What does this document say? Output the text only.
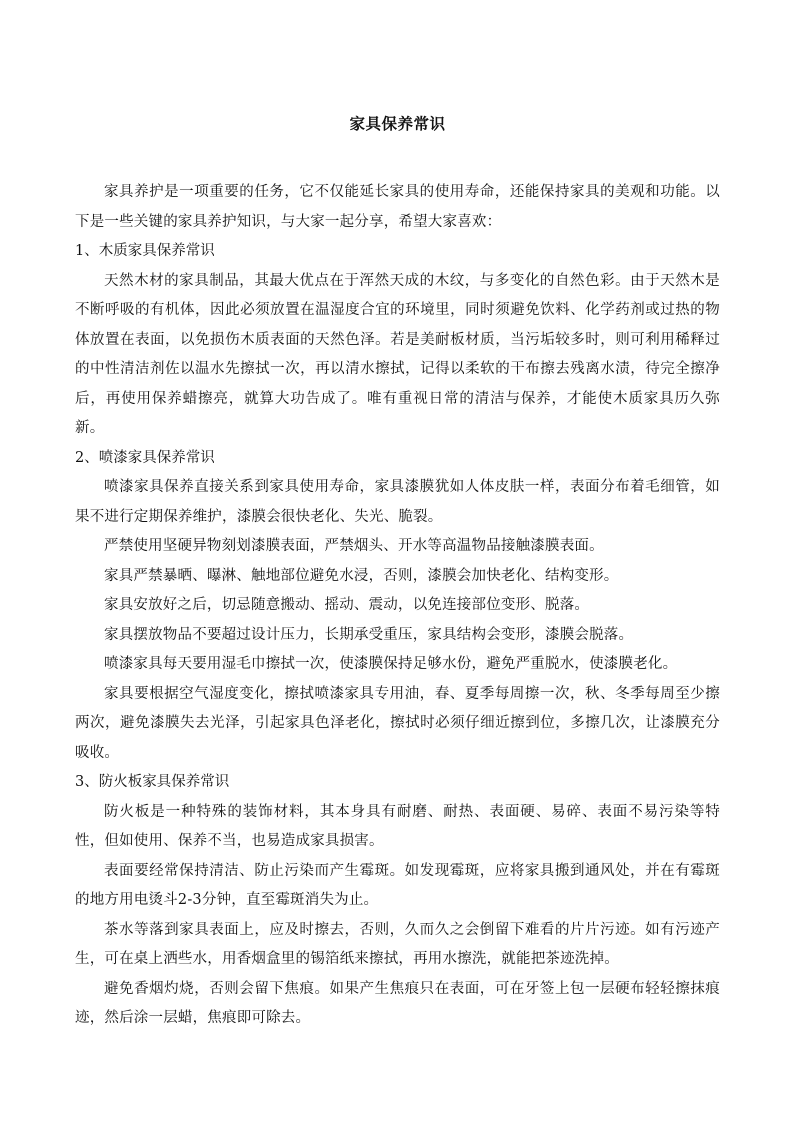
家具保养常识

家具养护是一项重要的任务，它不仅能延长家具的使用寿命，还能保持家具的美观和功能。以下是一些关键的家具养护知识，与大家一起分享，希望大家喜欢：

1、木质家具保养常识

天然木材的家具制品，其最大优点在于浑然天成的木纹，与多变化的自然色彩。由于天然木是不断呼吸的有机体，因此必须放置在温湿度合宜的环境里，同时须避免饮料、化学药剂或过热的物体放置在表面，以免损伤木质表面的天然色泽。若是美耐板材质，当污垢较多时，则可利用稀释过的中性清洁剂佐以温水先擦拭一次，再以清水擦拭，记得以柔软的干布擦去残离水渍，待完全擦净后，再使用保养蜡擦亮，就算大功告成了。唯有重视日常的清洁与保养，才能使木质家具历久弥新。

2、喷漆家具保养常识

喷漆家具保养直接关系到家具使用寿命，家具漆膜犹如人体皮肤一样，表面分布着毛细管，如果不进行定期保养维护，漆膜会很快老化、失光、脆裂。

严禁使用坚硬异物刻划漆膜表面，严禁烟头、开水等高温物品接触漆膜表面。

家具严禁暴晒、曝淋、触地部位避免水浸，否则，漆膜会加快老化、结构变形。

家具安放好之后，切忌随意搬动、摇动、震动，以免连接部位变形、脱落。

家具摆放物品不要超过设计压力，长期承受重压，家具结构会变形，漆膜会脱落。

喷漆家具每天要用湿毛巾擦拭一次，使漆膜保持足够水份，避免严重脱水，使漆膜老化。

家具要根据空气湿度变化，擦拭喷漆家具专用油，春、夏季每周擦一次，秋、冬季每周至少擦两次，避免漆膜失去光泽，引起家具色泽老化，擦拭时必须仔细近擦到位，多擦几次，让漆膜充分吸收。

3、防火板家具保养常识

防火板是一种特殊的装饰材料，其本身具有耐磨、耐热、表面硬、易碎、表面不易污染等特性，但如使用、保养不当，也易造成家具损害。

表面要经常保持清洁、防止污染而产生霉斑。如发现霉斑，应将家具搬到通风处，并在有霉斑的地方用电烫斗2-3分钟，直至霉斑消失为止。

茶水等落到家具表面上，应及时擦去，否则，久而久之会倒留下难看的片片污迹。如有污迹产生，可在桌上洒些水，用香烟盒里的锡箔纸来擦拭，再用水擦洗，就能把茶迹洗掉。

避免香烟灼烧，否则会留下焦痕。如果产生焦痕只在表面，可在牙签上包一层硬布轻轻擦抹痕迹，然后涂一层蜡，焦痕即可除去。
